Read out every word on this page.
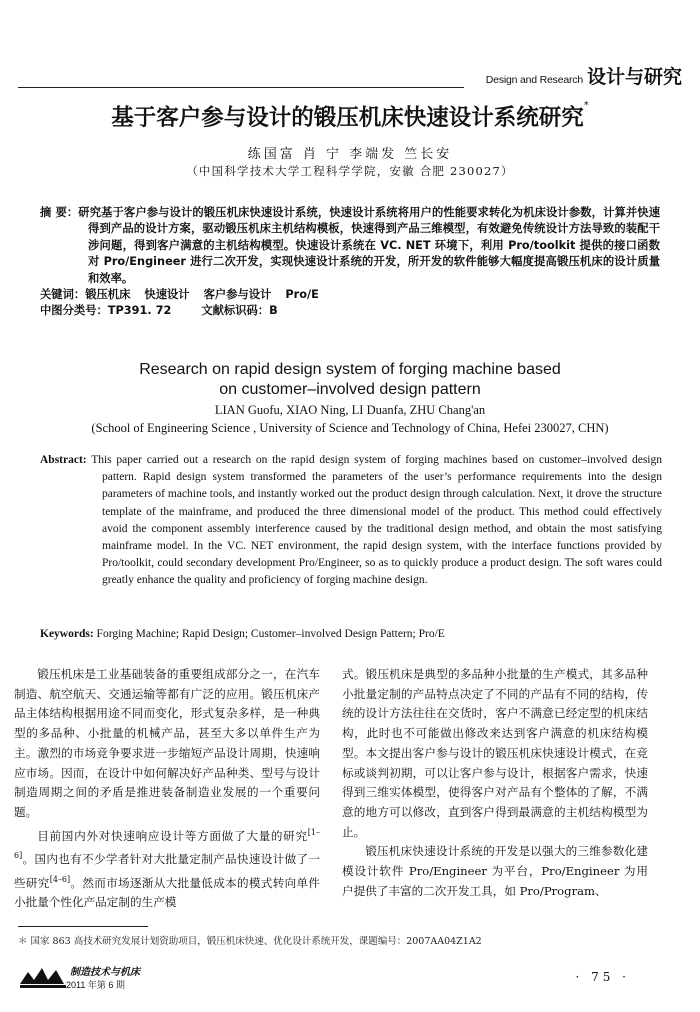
Design and Research 设计与研究
基于客户参与设计的锻压机床快速设计系统研究*
练国富 肖 宁 李端发 竺长安
（中国科学技术大学工程科学学院，安徽 合肥 230027）
摘 要：研究基于客户参与设计的锻压机床快速设计系统，快速设计系统将用户的性能要求转化为机床设计参数，计算并快速得到产品的设计方案，驱动锻压机床主机结构模板，快速得到产品三维模型，有效避免传统设计方法导致的装配干涉问题，得到客户满意的主机结构模型。快速设计系统在 VC. NET 环境下，利用 Pro/toolkit 提供的接口函数对 Pro/Engineer 进行二次开发，实现快速设计系统的开发，所开发的软件能够大幅度提高锻压机床的设计质量和效率。
关键词：锻压机床 快速设计 客户参与设计 Pro/E
中图分类号：TP391. 72	文献标识码：B
Research on rapid design system of forging machine based
on customer–involved design pattern
LIAN Guofu, XIAO Ning, LI Duanfa, ZHU Chang'an
(School of Engineering Science , University of Science and Technology of China, Hefei 230027, CHN)
Abstract: This paper carried out a research on the rapid design system of forging machines based on customer–involved design pattern. Rapid design system transformed the parameters of the user’s performance requirements into the design parameters of machine tools, and instantly worked out the product design through calculation. Next, it drove the structure template of the mainframe, and produced the three dimensional model of the product. This method could effectively avoid the component assembly interference caused by the traditional design method, and obtain the most satisfying mainframe model. In the VC. NET environment, the rapid design system, with the interface functions provided by Pro/toolkit, could secondary development Pro/Engineer, so as to quickly produce a product design. The soft wares could greatly enhance the quality and proficiency of forging machine design.
Keywords: Forging Machine; Rapid Design; Customer–involved Design Pattern; Pro/E

锻压机床是工业基础装备的重要组成部分之一，在汽车制造、航空航天、交通运输等都有广泛的应用。锻压机床产品主体结构根据用途不同而变化，形式复杂多样，是一种典型的多品种、小批量的机械产品，甚至大多以单件生产为主。激烈的市场竞争要求进一步缩短产品设计周期，快速响应市场。因而，在设计中如何解决好产品种类、型号与设计制造周期之间的矛盾是推进装备制造业发展的一个重要问题。

目前国内外对快速响应设计等方面做了大量的研究[1–6]。国内也有不少学者针对大批量定制产品快速设计做了一些研究[4–6]。然而市场逐渐从大批量低成本的模式转向单件小批量个性化产品定制的生产模

式。锻压机床是典型的多品种小批量的生产模式，其多品种小批量定制的产品特点决定了不同的产品有不同的结构，传统的设计方法往往在交货时，客户不满意已经定型的机床结构，此时也不可能做出修改来达到客户满意的机床结构模型。本文提出客户参与设计的锻压机床快速设计模式，在竞标或谈判初期，可以让客户参与设计，根据客户需求，快速得到三维实体模型，使得客户对产品有个整体的了解，不满意的地方可以修改，直到客户得到最满意的主机结构模型为止。

锻压机床快速设计系统的开发是以强大的三维参数化建模设计软件 Pro/Engineer 为平台，Pro/Engineer 为用户提供了丰富的二次开发工具，如 Pro/Program、

＊ 国家 863 高技术研究发展计划资助项目，锻压机床快速、优化设计系统开发，课题编号：2007AA04Z1A2
制造技术与机床
2011 年第 6 期
· 75 ·
